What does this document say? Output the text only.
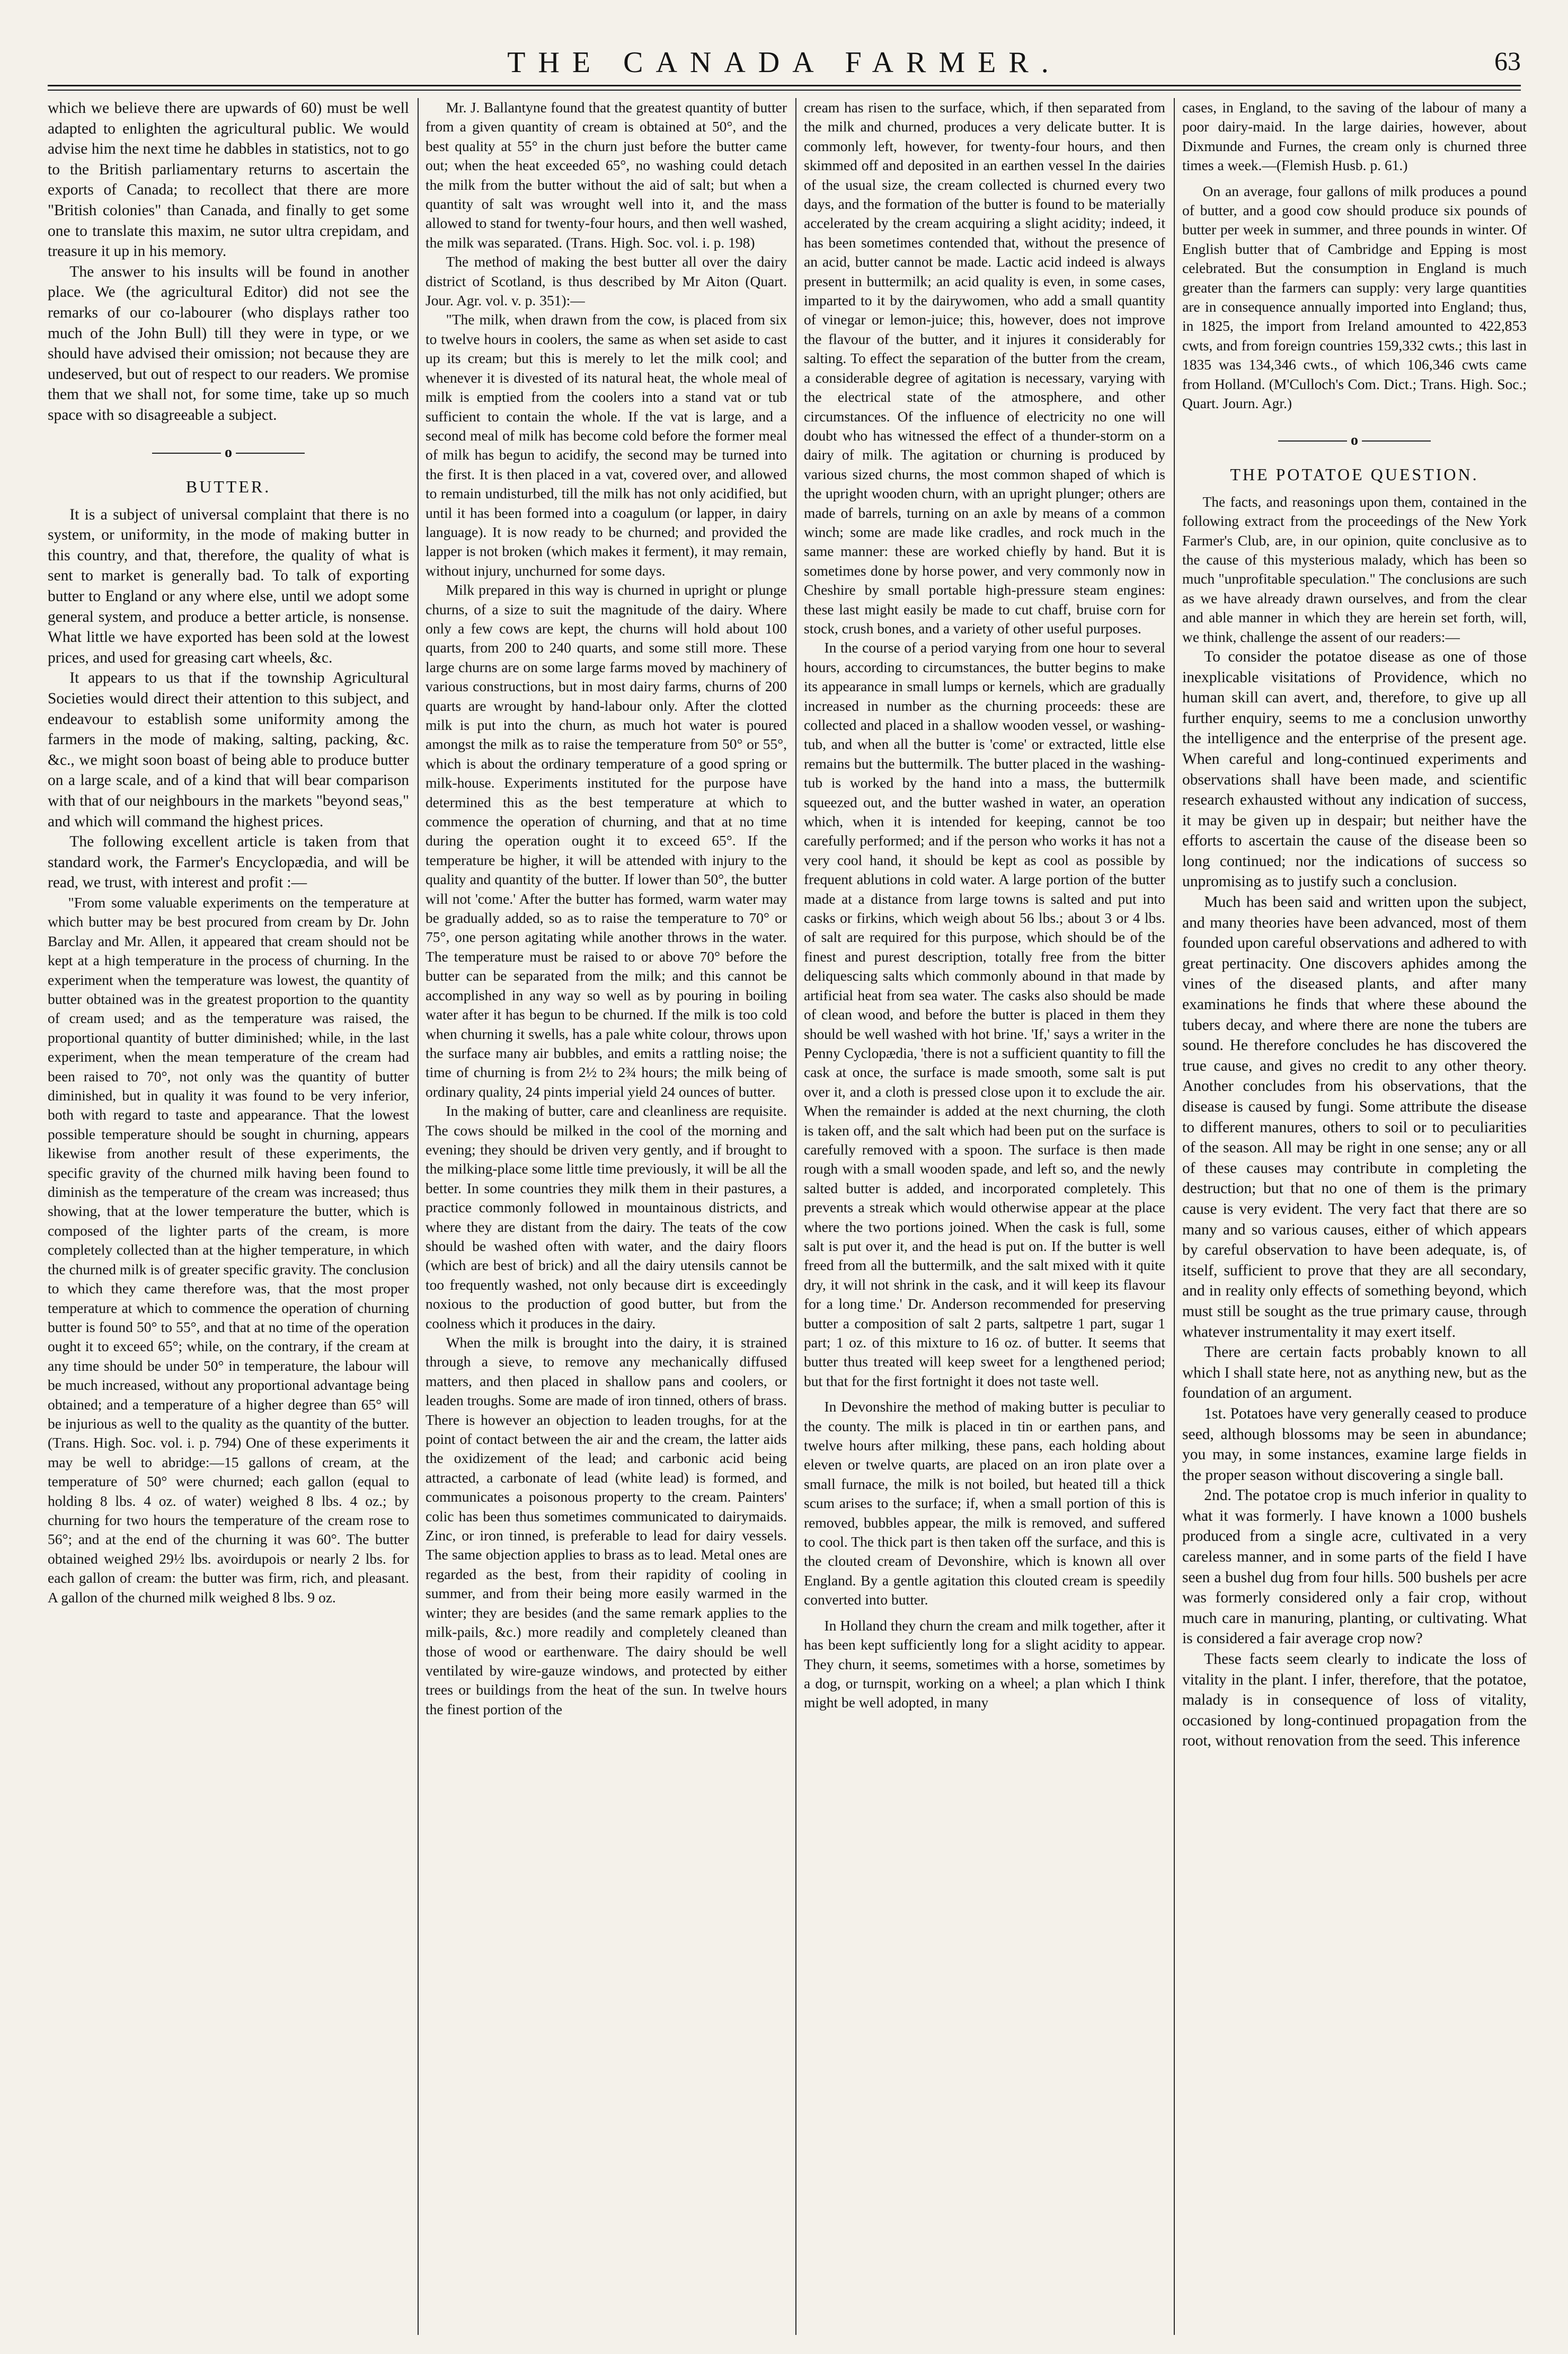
THE CANADA FARMER.	63

which we believe there are upwards of 60) must be well adapted to enlighten the agricultural public. We would advise him the next time he dabbles in statistics, not to go to the British parliamentary returns to ascertain the exports of Canada; to recollect that there are more "British colonies" than Canada, and finally to get some one to translate this maxim, ne sutor ultra crepidam, and treasure it up in his memory.

The answer to his insults will be found in another place. We (the agricultural Editor) did not see the remarks of our co-labourer (who displays rather too much of the John Bull) till they were in type, or we should have advised their omission; not because they are undeserved, but out of respect to our readers. We promise them that we shall not, for some time, take up so much space with so disagreeable a subject.

o

BUTTER.

It is a subject of universal complaint that there is no system, or uniformity, in the mode of making butter in this country, and that, therefore, the quality of what is sent to market is generally bad. To talk of exporting butter to England or any where else, until we adopt some general system, and produce a better article, is nonsense. What little we have exported has been sold at the lowest prices, and used for greasing cart wheels, &c.

It appears to us that if the township Agricultural Societies would direct their attention to this subject, and endeavour to establish some uniformity among the farmers in the mode of making, salting, packing, &c. &c., we might soon boast of being able to produce butter on a large scale, and of a kind that will bear comparison with that of our neighbours in the markets "beyond seas," and which will command the highest prices.

The following excellent article is taken from that standard work, the Farmer's Encyclopædia, and will be read, we trust, with interest and profit :—

"From some valuable experiments on the temperature at which butter may be best procured from cream by Dr. John Barclay and Mr. Allen, it appeared that cream should not be kept at a high temperature in the process of churning. In the experiment when the temperature was lowest, the quantity of butter obtained was in the greatest proportion to the quantity of cream used; and as the temperature was raised, the proportional quantity of butter diminished; while, in the last experiment, when the mean temperature of the cream had been raised to 70°, not only was the quantity of butter diminished, but in quality it was found to be very inferior, both with regard to taste and appearance. That the lowest possible temperature should be sought in churning, appears likewise from another result of these experiments, the specific gravity of the churned milk having been found to diminish as the temperature of the cream was increased; thus showing, that at the lower temperature the butter, which is composed of the lighter parts of the cream, is more completely collected than at the higher temperature, in which the churned milk is of greater specific gravity. The conclusion to which they came therefore was, that the most proper temperature at which to commence the operation of churning butter is found 50° to 55°, and that at no time of the operation ought it to exceed 65°; while, on the contrary, if the cream at any time should be under 50° in temperature, the labour will be much increased, without any proportional advantage being obtained; and a temperature of a higher degree than 65° will be injurious as well to the quality as the quantity of the butter. (Trans. High. Soc. vol. i. p. 794) One of these experiments it may be well to abridge:—15 gallons of cream, at the temperature of 50° were churned; each gallon (equal to holding 8 lbs. 4 oz. of water) weighed 8 lbs. 4 oz.; by churning for two hours the temperature of the cream rose to 56°; and at the end of the churning it was 60°. The butter obtained weighed 29½ lbs. avoirdupois or nearly 2 lbs. for each gallon of cream: the butter was firm, rich, and pleasant. A gallon of the churned milk weighed 8 lbs. 9 oz.

Mr. J. Ballantyne found that the greatest quantity of butter from a given quantity of cream is obtained at 50°, and the best quality at 55° in the churn just before the butter came out; when the heat exceeded 65°, no washing could detach the milk from the butter without the aid of salt; but when a quantity of salt was wrought well into it, and the mass allowed to stand for twenty-four hours, and then well washed, the milk was separated. (Trans. High. Soc. vol. i. p. 198)

The method of making the best butter all over the dairy district of Scotland, is thus described by Mr Aiton (Quart. Jour. Agr. vol. v. p. 351):—

"The milk, when drawn from the cow, is placed from six to twelve hours in coolers, the same as when set aside to cast up its cream; but this is merely to let the milk cool; and whenever it is divested of its natural heat, the whole meal of milk is emptied from the coolers into a stand vat or tub sufficient to contain the whole. If the vat is large, and a second meal of milk has become cold before the former meal of milk has begun to acidify, the second may be turned into the first. It is then placed in a vat, covered over, and allowed to remain undisturbed, till the milk has not only acidified, but until it has been formed into a coagulum (or lapper, in dairy language). It is now ready to be churned; and provided the lapper is not broken (which makes it ferment), it may remain, without injury, unchurned for some days.

Milk prepared in this way is churned in upright or plunge churns, of a size to suit the magnitude of the dairy. Where only a few cows are kept, the churns will hold about 100 quarts, from 200 to 240 quarts, and some still more. These large churns are on some large farms moved by machinery of various constructions, but in most dairy farms, churns of 200 quarts are wrought by hand-labour only. After the clotted milk is put into the churn, as much hot water is poured amongst the milk as to raise the temperature from 50° or 55°, which is about the ordinary temperature of a good spring or milk-house. Experiments instituted for the purpose have determined this as the best temperature at which to commence the operation of churning, and that at no time during the operation ought it to exceed 65°. If the temperature be higher, it will be attended with injury to the quality and quantity of the butter. If lower than 50°, the butter will not 'come.' After the butter has formed, warm water may be gradually added, so as to raise the temperature to 70° or 75°, one person agitating while another throws in the water. The temperature must be raised to or above 70° before the butter can be separated from the milk; and this cannot be accomplished in any way so well as by pouring in boiling water after it has begun to be churned. If the milk is too cold when churning it swells, has a pale white colour, throws upon the surface many air bubbles, and emits a rattling noise; the time of churning is from 2½ to 2¾ hours; the milk being of ordinary quality, 24 pints imperial yield 24 ounces of butter.

In the making of butter, care and cleanliness are requisite. The cows should be milked in the cool of the morning and evening; they should be driven very gently, and if brought to the milking-place some little time previously, it will be all the better. In some countries they milk them in their pastures, a practice commonly followed in mountainous districts, and where they are distant from the dairy. The teats of the cow should be washed often with water, and the dairy floors (which are best of brick) and all the dairy utensils cannot be too frequently washed, not only because dirt is exceedingly noxious to the production of good butter, but from the coolness which it produces in the dairy.

When the milk is brought into the dairy, it is strained through a sieve, to remove any mechanically diffused matters, and then placed in shallow pans and coolers, or leaden troughs. Some are made of iron tinned, others of brass. There is however an objection to leaden troughs, for at the point of contact between the air and the cream, the latter aids the oxidizement of the lead; and carbonic acid being attracted, a carbonate of lead (white lead) is formed, and communicates a poisonous property to the cream. Painters' colic has been thus sometimes communicated to dairymaids. Zinc, or iron tinned, is preferable to lead for dairy vessels. The same objection applies to brass as to lead. Metal ones are regarded as the best, from their rapidity of cooling in summer, and from their being more easily warmed in the winter; they are besides (and the same remark applies to the milk-pails, &c.) more readily and completely cleaned than those of wood or earthenware. The dairy should be well ventilated by wire-gauze windows, and protected by either trees or buildings from the heat of the sun. In twelve hours the finest portion of the

cream has risen to the surface, which, if then separated from the milk and churned, produces a very delicate butter. It is commonly left, however, for twenty-four hours, and then skimmed off and deposited in an earthen vessel In the dairies of the usual size, the cream collected is churned every two days, and the formation of the butter is found to be materially accelerated by the cream acquiring a slight acidity; indeed, it has been sometimes contended that, without the presence of an acid, butter cannot be made. Lactic acid indeed is always present in buttermilk; an acid quality is even, in some cases, imparted to it by the dairywomen, who add a small quantity of vinegar or lemon-juice; this, however, does not improve the flavour of the butter, and it injures it considerably for salting. To effect the separation of the butter from the cream, a considerable degree of agitation is necessary, varying with the electrical state of the atmosphere, and other circumstances. Of the influence of electricity no one will doubt who has witnessed the effect of a thunder-storm on a dairy of milk. The agitation or churning is produced by various sized churns, the most common shaped of which is the upright wooden churn, with an upright plunger; others are made of barrels, turning on an axle by means of a common winch; some are made like cradles, and rock much in the same manner: these are worked chiefly by hand. But it is sometimes done by horse power, and very commonly now in Cheshire by small portable high-pressure steam engines: these last might easily be made to cut chaff, bruise corn for stock, crush bones, and a variety of other useful purposes.

In the course of a period varying from one hour to several hours, according to circumstances, the butter begins to make its appearance in small lumps or kernels, which are gradually increased in number as the churning proceeds: these are collected and placed in a shallow wooden vessel, or washing-tub, and when all the butter is 'come' or extracted, little else remains but the buttermilk. The butter placed in the washing-tub is worked by the hand into a mass, the buttermilk squeezed out, and the butter washed in water, an operation which, when it is intended for keeping, cannot be too carefully performed; and if the person who works it has not a very cool hand, it should be kept as cool as possible by frequent ablutions in cold water. A large portion of the butter made at a distance from large towns is salted and put into casks or firkins, which weigh about 56 lbs.; about 3 or 4 lbs. of salt are required for this purpose, which should be of the finest and purest description, totally free from the bitter deliquescing salts which commonly abound in that made by artificial heat from sea water. The casks also should be made of clean wood, and before the butter is placed in them they should be well washed with hot brine. 'If,' says a writer in the Penny Cyclopædia, 'there is not a sufficient quantity to fill the cask at once, the surface is made smooth, some salt is put over it, and a cloth is pressed close upon it to exclude the air. When the remainder is added at the next churning, the cloth is taken off, and the salt which had been put on the surface is carefully removed with a spoon. The surface is then made rough with a small wooden spade, and left so, and the newly salted butter is added, and incorporated completely. This prevents a streak which would otherwise appear at the place where the two portions joined. When the cask is full, some salt is put over it, and the head is put on. If the butter is well freed from all the buttermilk, and the salt mixed with it quite dry, it will not shrink in the cask, and it will keep its flavour for a long time.' Dr. Anderson recommended for preserving butter a composition of salt 2 parts, saltpetre 1 part, sugar 1 part; 1 oz. of this mixture to 16 oz. of butter. It seems that butter thus treated will keep sweet for a lengthened period; but that for the first fortnight it does not taste well.

In Devonshire the method of making butter is peculiar to the county. The milk is placed in tin or earthen pans, and twelve hours after milking, these pans, each holding about eleven or twelve quarts, are placed on an iron plate over a small furnace, the milk is not boiled, but heated till a thick scum arises to the surface; if, when a small portion of this is removed, bubbles appear, the milk is removed, and suffered to cool. The thick part is then taken off the surface, and this is the clouted cream of Devonshire, which is known all over England. By a gentle agitation this clouted cream is speedily converted into butter.

In Holland they churn the cream and milk together, after it has been kept sufficiently long for a slight acidity to appear. They churn, it seems, sometimes with a horse, sometimes by a dog, or turnspit, working on a wheel; a plan which I think might be well adopted, in many

cases, in England, to the saving of the labour of many a poor dairy-maid. In the large dairies, however, about Dixmunde and Furnes, the cream only is churned three times a week.—(Flemish Husb. p. 61.)

On an average, four gallons of milk produces a pound of butter, and a good cow should produce six pounds of butter per week in summer, and three pounds in winter. Of English butter that of Cambridge and Epping is most celebrated. But the consumption in England is much greater than the farmers can supply: very large quantities are in consequence annually imported into England; thus, in 1825, the import from Ireland amounted to 422,853 cwts, and from foreign countries 159,332 cwts.; this last in 1835 was 134,346 cwts., of which 106,346 cwts came from Holland. (M'Culloch's Com. Dict.; Trans. High. Soc.; Quart. Journ. Agr.)

o

THE POTATOE QUESTION.

The facts, and reasonings upon them, contained in the following extract from the proceedings of the New York Farmer's Club, are, in our opinion, quite conclusive as to the cause of this mysterious malady, which has been so much "unprofitable speculation." The conclusions are such as we have already drawn ourselves, and from the clear and able manner in which they are herein set forth, will, we think, challenge the assent of our readers:—

To consider the potatoe disease as one of those inexplicable visitations of Providence, which no human skill can avert, and, therefore, to give up all further enquiry, seems to me a conclusion unworthy the intelligence and the enterprise of the present age. When careful and long-continued experiments and observations shall have been made, and scientific research exhausted without any indication of success, it may be given up in despair; but neither have the efforts to ascertain the cause of the disease been so long continued; nor the indications of success so unpromising as to justify such a conclusion.

Much has been said and written upon the subject, and many theories have been advanced, most of them founded upon careful observations and adhered to with great pertinacity. One discovers aphides among the vines of the diseased plants, and after many examinations he finds that where these abound the tubers decay, and where there are none the tubers are sound. He therefore concludes he has discovered the true cause, and gives no credit to any other theory. Another concludes from his observations, that the disease is caused by fungi. Some attribute the disease to different manures, others to soil or to peculiarities of the season. All may be right in one sense; any or all of these causes may contribute in completing the destruction; but that no one of them is the primary cause is very evident. The very fact that there are so many and so various causes, either of which appears by careful observation to have been adequate, is, of itself, sufficient to prove that they are all secondary, and in reality only effects of something beyond, which must still be sought as the true primary cause, through whatever instrumentality it may exert itself.

There are certain facts probably known to all which I shall state here, not as anything new, but as the foundation of an argument.

1st. Potatoes have very generally ceased to produce seed, although blossoms may be seen in abundance; you may, in some instances, examine large fields in the proper season without discovering a single ball.

2nd. The potatoe crop is much inferior in quality to what it was formerly. I have known a 1000 bushels produced from a single acre, cultivated in a very careless manner, and in some parts of the field I have seen a bushel dug from four hills. 500 bushels per acre was formerly considered only a fair crop, without much care in manuring, planting, or cultivating. What is considered a fair average crop now?

These facts seem clearly to indicate the loss of vitality in the plant. I infer, therefore, that the potatoe, malady is in consequence of loss of vitality, occasioned by long-continued propagation from the root, without renovation from the seed. This inference
